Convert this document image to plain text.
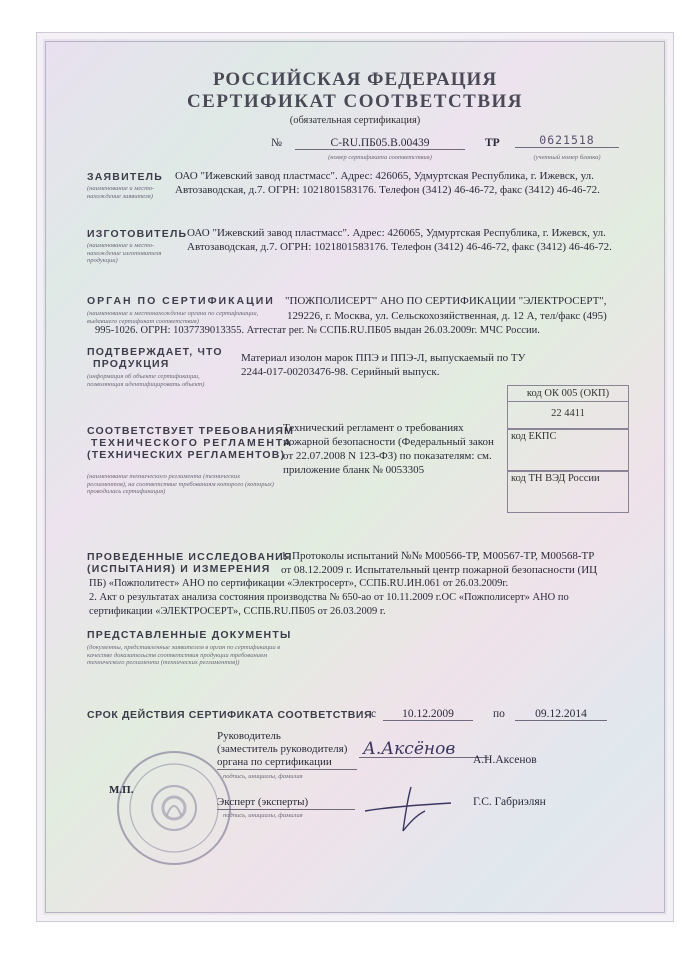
РОССИЙСКАЯ ФЕДЕРАЦИЯ
СЕРТИФИКАТ СООТВЕТСТВИЯ
(обязательная сертификация)
№	C-RU.ПБ05.B.00439
(номер сертификата соответствия)
ТР	0621518
(учетный номер бланка)
ЗАЯВИТЕЛЬ
(наименование и место- нахождение заявителя)
ОАО "Ижевский завод пластмасс". Адрес: 426065, Удмуртская Республика, г. Ижевск, ул. Автозаводская, д.7. ОГРН: 1021801583176. Телефон (3412) 46-46-72, факс (3412) 46-46-72.
ИЗГОТОВИТЕЛЬ
(наименование и место- нахождение изготовителя продукции)
ОАО "Ижевский завод пластмасс". Адрес: 426065, Удмуртская Республика, г. Ижевск, ул. Автозаводская, д.7. ОГРН: 1021801583176. Телефон (3412) 46-46-72, факс (3412) 46-46-72.
ОРГАН ПО СЕРТИФИКАЦИИ
(наименование и местонахождение органа по сертификации, выдавшего сертификат соответствия)
"ПОЖПОЛИСЕРТ" АНО ПО СЕРТИФИКАЦИИ "ЭЛЕКТРОСЕРТ",
129226, г. Москва, ул. Сельскохозяйственная, д. 12 А, тел/факс (495)
995-1026. ОГРН: 1037739013355. Аттестат рег. № ССПБ.RU.ПБ05 выдан 26.03.2009г. МЧС России.
ПОДТВЕРЖДАЕТ, ЧТО
ПРОДУКЦИЯ
(информация об объекте сертификации, позволяющая идентифицировать объект)
Материал изолон марок ППЭ и ППЭ-Л, выпускаемый по ТУ 2244-017-00203476-98. Серийный выпуск.
код ОК 005 (ОКП)
22 4411
код ЕКПС
код ТН ВЭД России
СООТВЕТСТВУЕТ ТРЕБОВАНИЯМ
ТЕХНИЧЕСКОГО РЕГЛАМЕНТА
(ТЕХНИЧЕСКИХ РЕГЛАМЕНТОВ)
(наименование технического регламента (технических регламентов), на соответствие требованиям которого (которых) проводилась сертификация)
Технический регламент о требованиях пожарной безопасности (Федеральный закон от 22.07.2008 N 123-ФЗ) по показателям: см. приложение бланк № 0053305
ПРОВЕДЕННЫЕ ИССЛЕДОВАНИЯ
(ИСПЫТАНИЯ) И ИЗМЕРЕНИЯ
1. Протоколы испытаний №№ М00566-ТР, М00567-ТР, М00568-ТР
от 08.12.2009 г. Испытательный центр пожарной безопасности (ИЦ
ПБ) «Пожполитест» АНО по сертификации «Электросерт», ССПБ.RU.ИН.061 от 26.03.2009г.
2. Акт о результатах анализа состояния производства № 650-ао от 10.11.2009 г.ОС «Пожполисерт» АНО по
сертификации «ЭЛЕКТРОСЕРТ», ССПБ.RU.ПБ05 от 26.03.2009 г.
ПРЕДСТАВЛЕННЫЕ ДОКУМЕНТЫ
(документы, представленные заявителем в орган по сертификации в качестве доказательств соответствия продукции требованиям технического регламента (технических регламентов))
СРОК ДЕЙСТВИЯ СЕРТИФИКАТА СООТВЕТСТВИЯ
с	10.12.2009	по	09.12.2014
Руководитель
(заместитель руководителя)
органа по сертификации
подпись, инициалы, фамилия
А.Аксёнов
А.Н.Аксенов
М.П.
Эксперт (эксперты)
подпись, инициалы, фамилия
Г.С. Габриэлян
